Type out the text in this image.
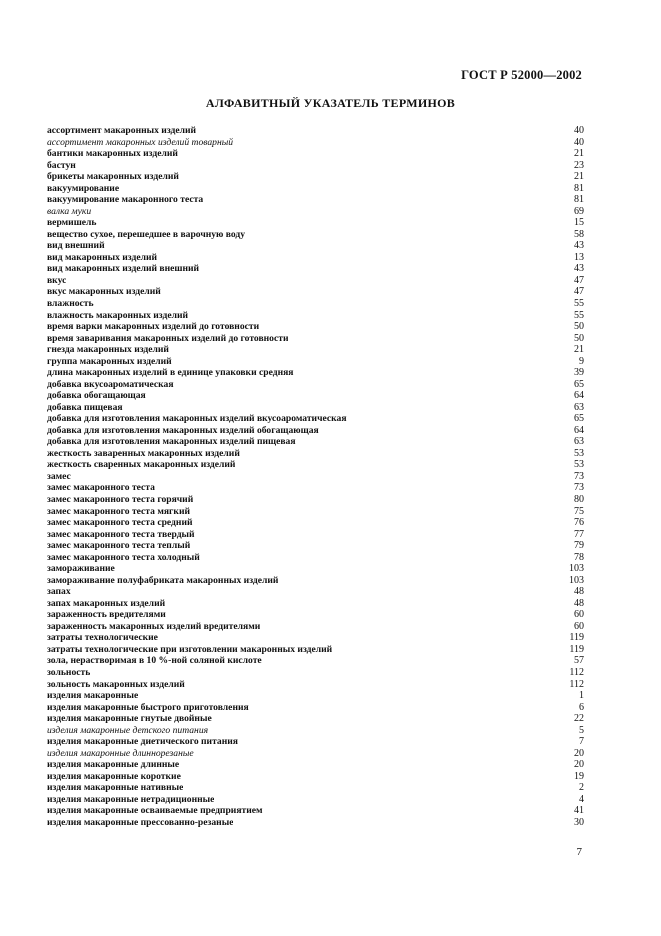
ГОСТ Р 52000—2002
АЛФАВИТНЫЙ УКАЗАТЕЛЬ ТЕРМИНОВ
ассортимент макаронных изделий	40
ассортимент макаронных изделий товарный	40
бантики макаронных изделий	21
бастун	23
брикеты макаронных изделий	21
вакуумирование	81
вакуумирование макаронного теста	81
валка муки	69
вермишель	15
вещество сухое, перешедшее в варочную воду	58
вид внешний	43
вид макаронных изделий	13
вид макаронных изделий внешний	43
вкус	47
вкус макаронных изделий	47
влажность	55
влажность макаронных изделий	55
время варки макаронных изделий до готовности	50
время заваривания макаронных изделий до готовности	50
гнезда макаронных изделий	21
группа макаронных изделий	9
длина макаронных изделий в единице упаковки средняя	39
добавка вкусоароматическая	65
добавка обогащающая	64
добавка пищевая	63
добавка для изготовления макаронных изделий вкусоароматическая	65
добавка для изготовления макаронных изделий обогащающая	64
добавка для изготовления макаронных изделий пищевая	63
жесткость заваренных макаронных изделий	53
жесткость сваренных макаронных изделий	53
замес	73
замес макаронного теста	73
замес макаронного теста горячий	80
замес макаронного теста мягкий	75
замес макаронного теста средний	76
замес макаронного теста твердый	77
замес макаронного теста теплый	79
замес макаронного теста холодный	78
замораживание	103
замораживание полуфабриката макаронных изделий	103
запах	48
запах макаронных изделий	48
зараженность вредителями	60
зараженность макаронных изделий вредителями	60
затраты технологические	119
затраты технологические при изготовлении макаронных изделий	119
зола, нерастворимая в 10 %-ной соляной кислоте	57
зольность	112
зольность макаронных изделий	112
изделия макаронные	1
изделия макаронные быстрого приготовления	6
изделия макаронные гнутые двойные	22
изделия макаронные детского питания	5
изделия макаронные диетического питания	7
изделия макаронные длиннорезаные	20
изделия макаронные длинные	20
изделия макаронные короткие	19
изделия макаронные нативные	2
изделия макаронные нетрадиционные	4
изделия макаронные осваиваемые предприятием	41
изделия макаронные прессованно-резаные	30
7
